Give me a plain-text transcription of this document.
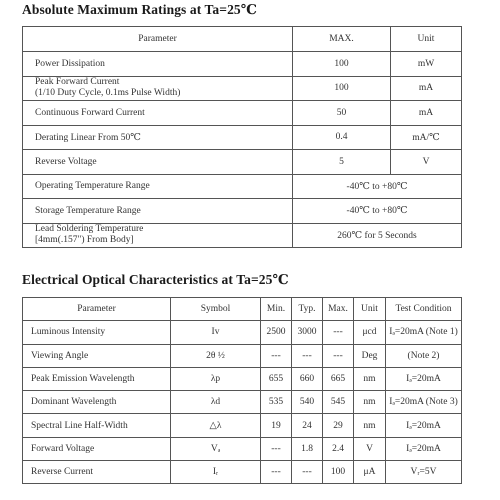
Absolute Maximum Ratings at Ta=25℃
Parameter	MAX.	Unit
Power Dissipation	100	mW

Peak Forward Current
(1/10 Duty Cycle, 0.1ms Pulse Width)	100	mA
Continuous Forward Current	50	mA
Derating Linear From 50℃	0.4	mA/℃
Reverse Voltage	5	V
Operating Temperature Range	-40℃ to +80℃	
Storage Temperature Range	-40℃ to +80℃	

Lead Soldering Temperature
[4mm(.157") From Body]	260℃ for 5 Seconds	
Electrical Optical Characteristics at Ta=25℃
Parameter	Symbol	Min.	Typ.	Max.	Unit	Test Condition
Luminous Intensity	Iv	2500	3000	---	μcd	Iₔ=20mA (Note 1)
Viewing Angle	2θ ½	---	---	---	Deg	(Note 2)
Peak Emission Wavelength	λp	655	660	665	nm	Iₔ=20mA
Dominant Wavelength	λd	535	540	545	nm	Iₔ=20mA (Note 3)
Spectral Line Half-Width	△λ	19	24	29	nm	Iₔ=20mA
Forward Voltage	Vₔ	---	1.8	2.4	V	Iₔ=20mA
Reverse Current	Iᵣ	---	---	100	μA	Vᵣ=5V
